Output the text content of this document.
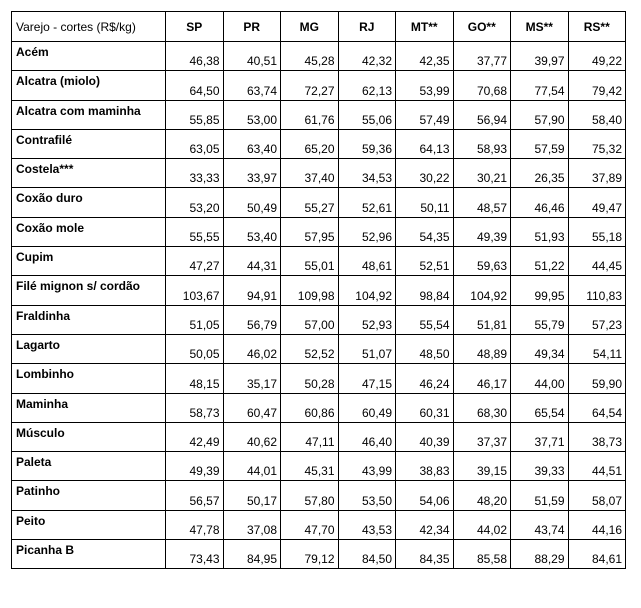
Varejo - cortes (R$/kg)	SP	PR	MG	RJ	MT**	GO**	MS**	RS**
Acém	46,38	40,51	45,28	42,32	42,35	37,77	39,97	49,22
Alcatra (miolo)	64,50	63,74	72,27	62,13	53,99	70,68	77,54	79,42
Alcatra com maminha	55,85	53,00	61,76	55,06	57,49	56,94	57,90	58,40
Contrafilé	63,05	63,40	65,20	59,36	64,13	58,93	57,59	75,32
Costela***	33,33	33,97	37,40	34,53	30,22	30,21	26,35	37,89
Coxão duro	53,20	50,49	55,27	52,61	50,11	48,57	46,46	49,47
Coxão mole	55,55	53,40	57,95	52,96	54,35	49,39	51,93	55,18
Cupim	47,27	44,31	55,01	48,61	52,51	59,63	51,22	44,45
Filé mignon s/ cordão	103,67	94,91	109,98	104,92	98,84	104,92	99,95	110,83
Fraldinha	51,05	56,79	57,00	52,93	55,54	51,81	55,79	57,23
Lagarto	50,05	46,02	52,52	51,07	48,50	48,89	49,34	54,11
Lombinho	48,15	35,17	50,28	47,15	46,24	46,17	44,00	59,90
Maminha	58,73	60,47	60,86	60,49	60,31	68,30	65,54	64,54
Músculo	42,49	40,62	47,11	46,40	40,39	37,37	37,71	38,73
Paleta	49,39	44,01	45,31	43,99	38,83	39,15	39,33	44,51
Patinho	56,57	50,17	57,80	53,50	54,06	48,20	51,59	58,07
Peito	47,78	37,08	47,70	43,53	42,34	44,02	43,74	44,16
Picanha B	73,43	84,95	79,12	84,50	84,35	85,58	88,29	84,61
